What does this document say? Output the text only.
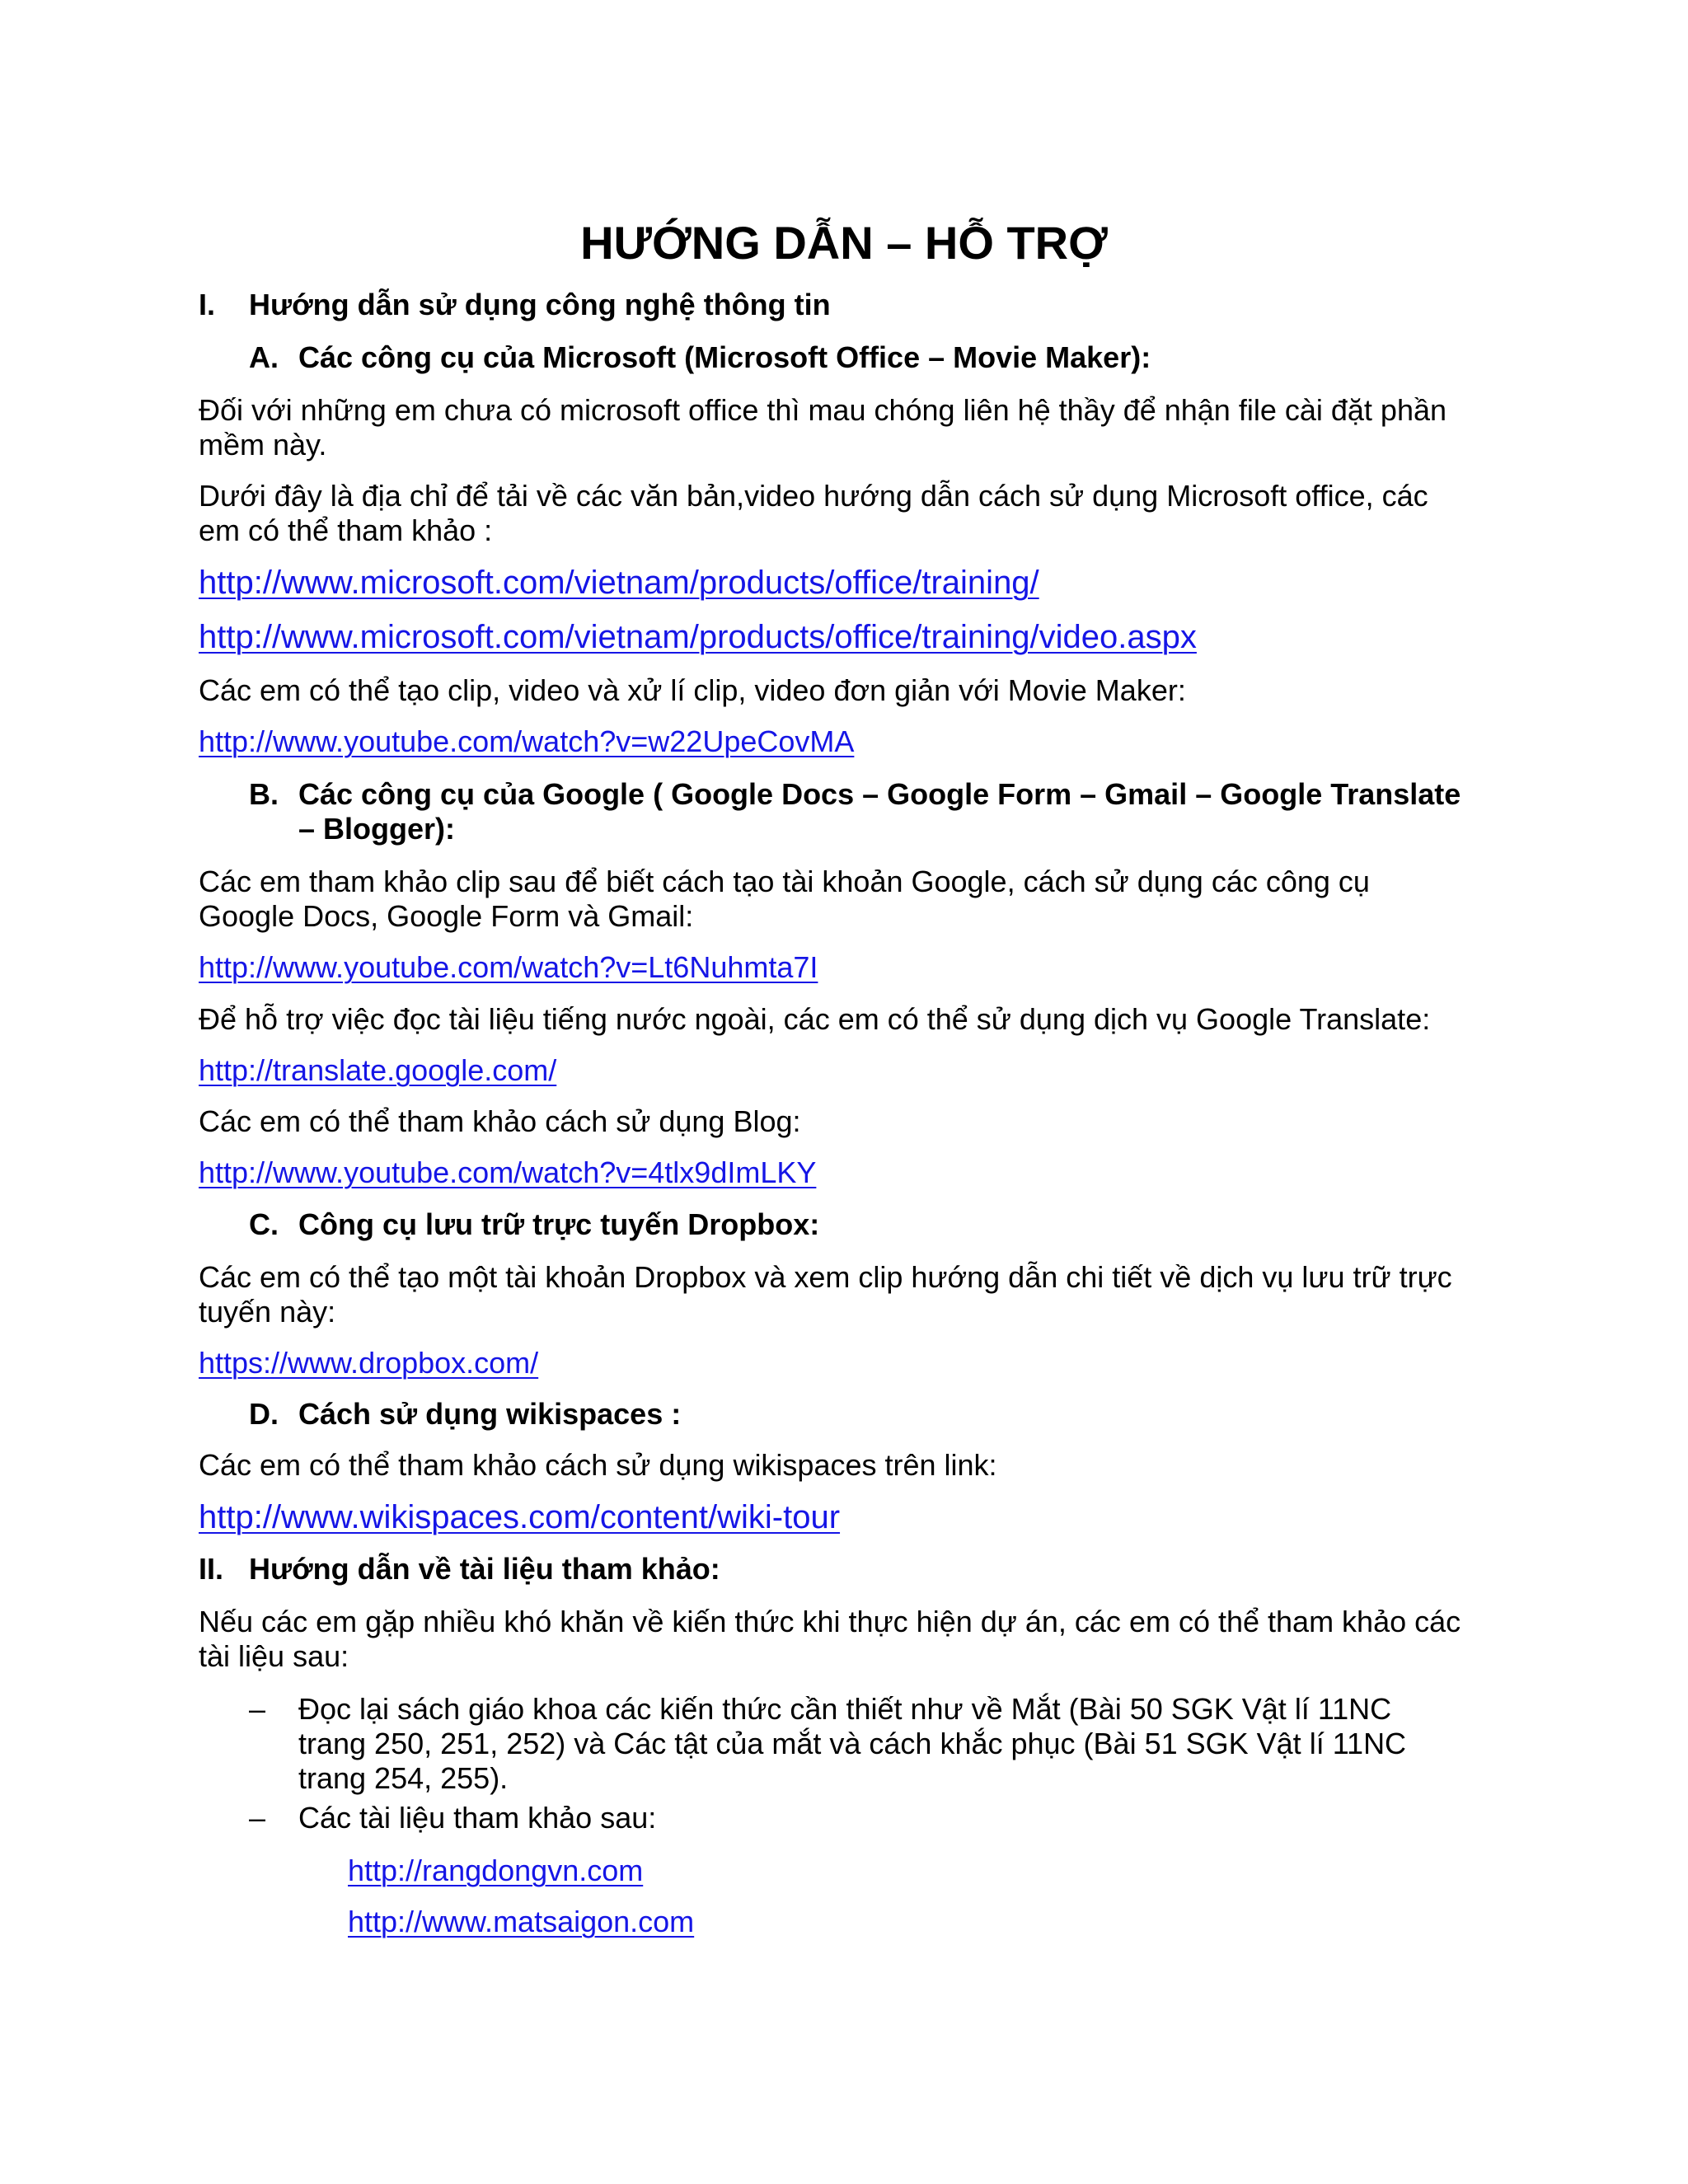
HƯỚNG DẪN – HỖ TRỢ
I. Hướng dẫn sử dụng công nghệ thông tin
A. Các công cụ của Microsoft (Microsoft Office – Movie Maker):
Đối với những em chưa có microsoft office thì mau chóng liên hệ thầy để nhận file cài đặt phần
mềm này.
Dưới đây là địa chỉ để tải về các văn bản,video hướng dẫn cách sử dụng Microsoft office, các
em có thể tham khảo :
http://www.microsoft.com/vietnam/products/office/training/
http://www.microsoft.com/vietnam/products/office/training/video.aspx
Các em có thể tạo clip, video và xử lí clip, video đơn giản với Movie Maker:
http://www.youtube.com/watch?v=w22UpeCovMA
B. Các công cụ của Google ( Google Docs – Google Form – Gmail – Google Translate
– Blogger):
Các em tham khảo clip sau để biết cách tạo tài khoản Google, cách sử dụng các công cụ
Google Docs, Google Form và Gmail:
http://www.youtube.com/watch?v=Lt6Nuhmta7I
Để hỗ trợ việc đọc tài liệu tiếng nước ngoài, các em có thể sử dụng dịch vụ Google Translate:
http://translate.google.com/
Các em có thể tham khảo cách sử dụng Blog:
http://www.youtube.com/watch?v=4tlx9dImLKY
C. Công cụ lưu trữ trực tuyến Dropbox:
Các em có thể tạo một tài khoản Dropbox và xem clip hướng dẫn chi tiết về dịch vụ lưu trữ trực
tuyến này:
https://www.dropbox.com/
D. Cách sử dụng wikispaces :
Các em có thể tham khảo cách sử dụng wikispaces trên link:
http://www.wikispaces.com/content/wiki-tour
II. Hướng dẫn về tài liệu tham khảo:
Nếu các em gặp nhiều khó khăn về kiến thức khi thực hiện dự án, các em có thể tham khảo các
tài liệu sau:
– Đọc lại sách giáo khoa các kiến thức cần thiết như về Mắt (Bài 50 SGK Vật lí 11NC
trang 250, 251, 252) và Các tật của mắt và cách khắc phục (Bài 51 SGK Vật lí 11NC
trang 254, 255).
– Các tài liệu tham khảo sau:
http://rangdongvn.com
http://www.matsaigon.com
